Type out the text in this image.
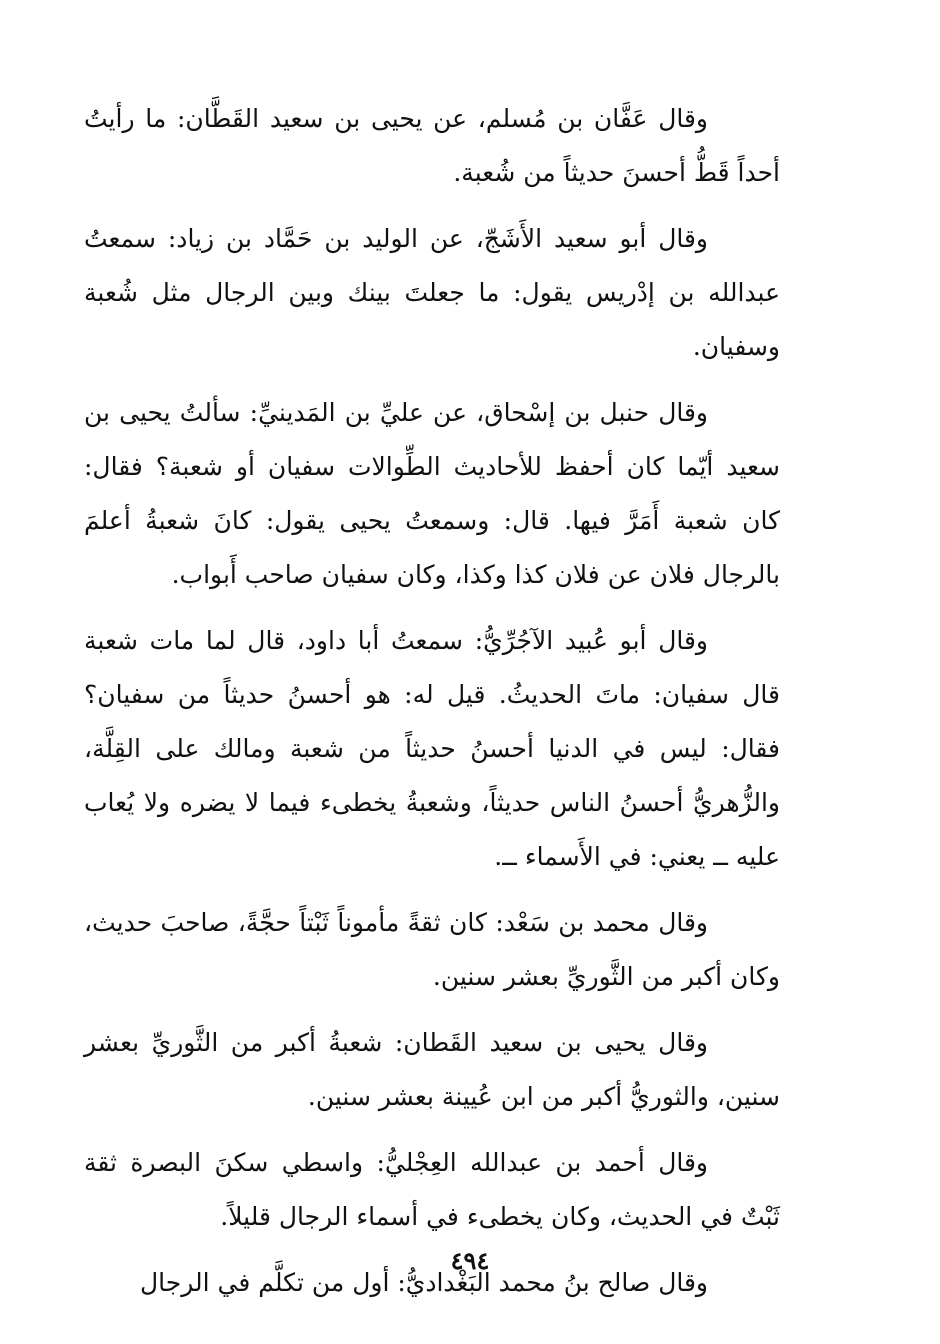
وقال عَفَّان بن مُسلم، عن يحيى بن سعيد القَطَّان: ما رأيتُ أحداً قَطُّ أحسنَ حديثاً من شُعبة.

وقال أبو سعيد الأَشَجّ، عن الوليد بن حَمَّاد بن زياد: سمعتُ عبدالله بن إدْريس يقول: ما جعلتَ بينك وبين الرجال مثل شُعبة وسفيان.

وقال حنبل بن إسْحاق، عن عليِّ بن المَدينيِّ: سألتُ يحيى بن سعيد أيّما كان أحفظ للأحاديث الطِّوالات سفيان أو شعبة؟ فقال: كان شعبة أَمَرَّ فيها. قال: وسمعتُ يحيى يقول: كانَ شعبةُ أعلمَ بالرجال فلان عن فلان كذا وكذا، وكان سفيان صاحب أَبواب.

وقال أبو عُبيد الآجُرِّيُّ: سمعتُ أبا داود، قال لما مات شعبة قال سفيان: ماتَ الحديثُ. قيل له: هو أحسنُ حديثاً من سفيان؟ فقال: ليس في الدنيا أحسنُ حديثاً من شعبة ومالك على القِلَّة، والزُّهريُّ أحسنُ الناس حديثاً، وشعبةُ يخطىء فيما لا يضره ولا يُعاب عليه ــ يعني: في الأَسماء ــ.

وقال محمد بن سَعْد: كان ثقةً مأموناً ثَبْتاً حجَّةً، صاحبَ حديث، وكان أكبر من الثَّوريِّ بعشر سنين.

وقال يحيى بن سعيد القَطان: شعبةُ أكبر من الثَّوريِّ بعشر سنين، والثوريُّ أكبر من ابن عُيينة بعشر سنين.

وقال أحمد بن عبدالله العِجْليُّ: واسطي سكنَ البصرة ثقة ثَبْتٌ في الحديث، وكان يخطىء في أسماء الرجال قليلاً.

وقال صالح بنُ محمد البَغْداديُّ: أول من تكلَّم في الرجال

٤٩٤
